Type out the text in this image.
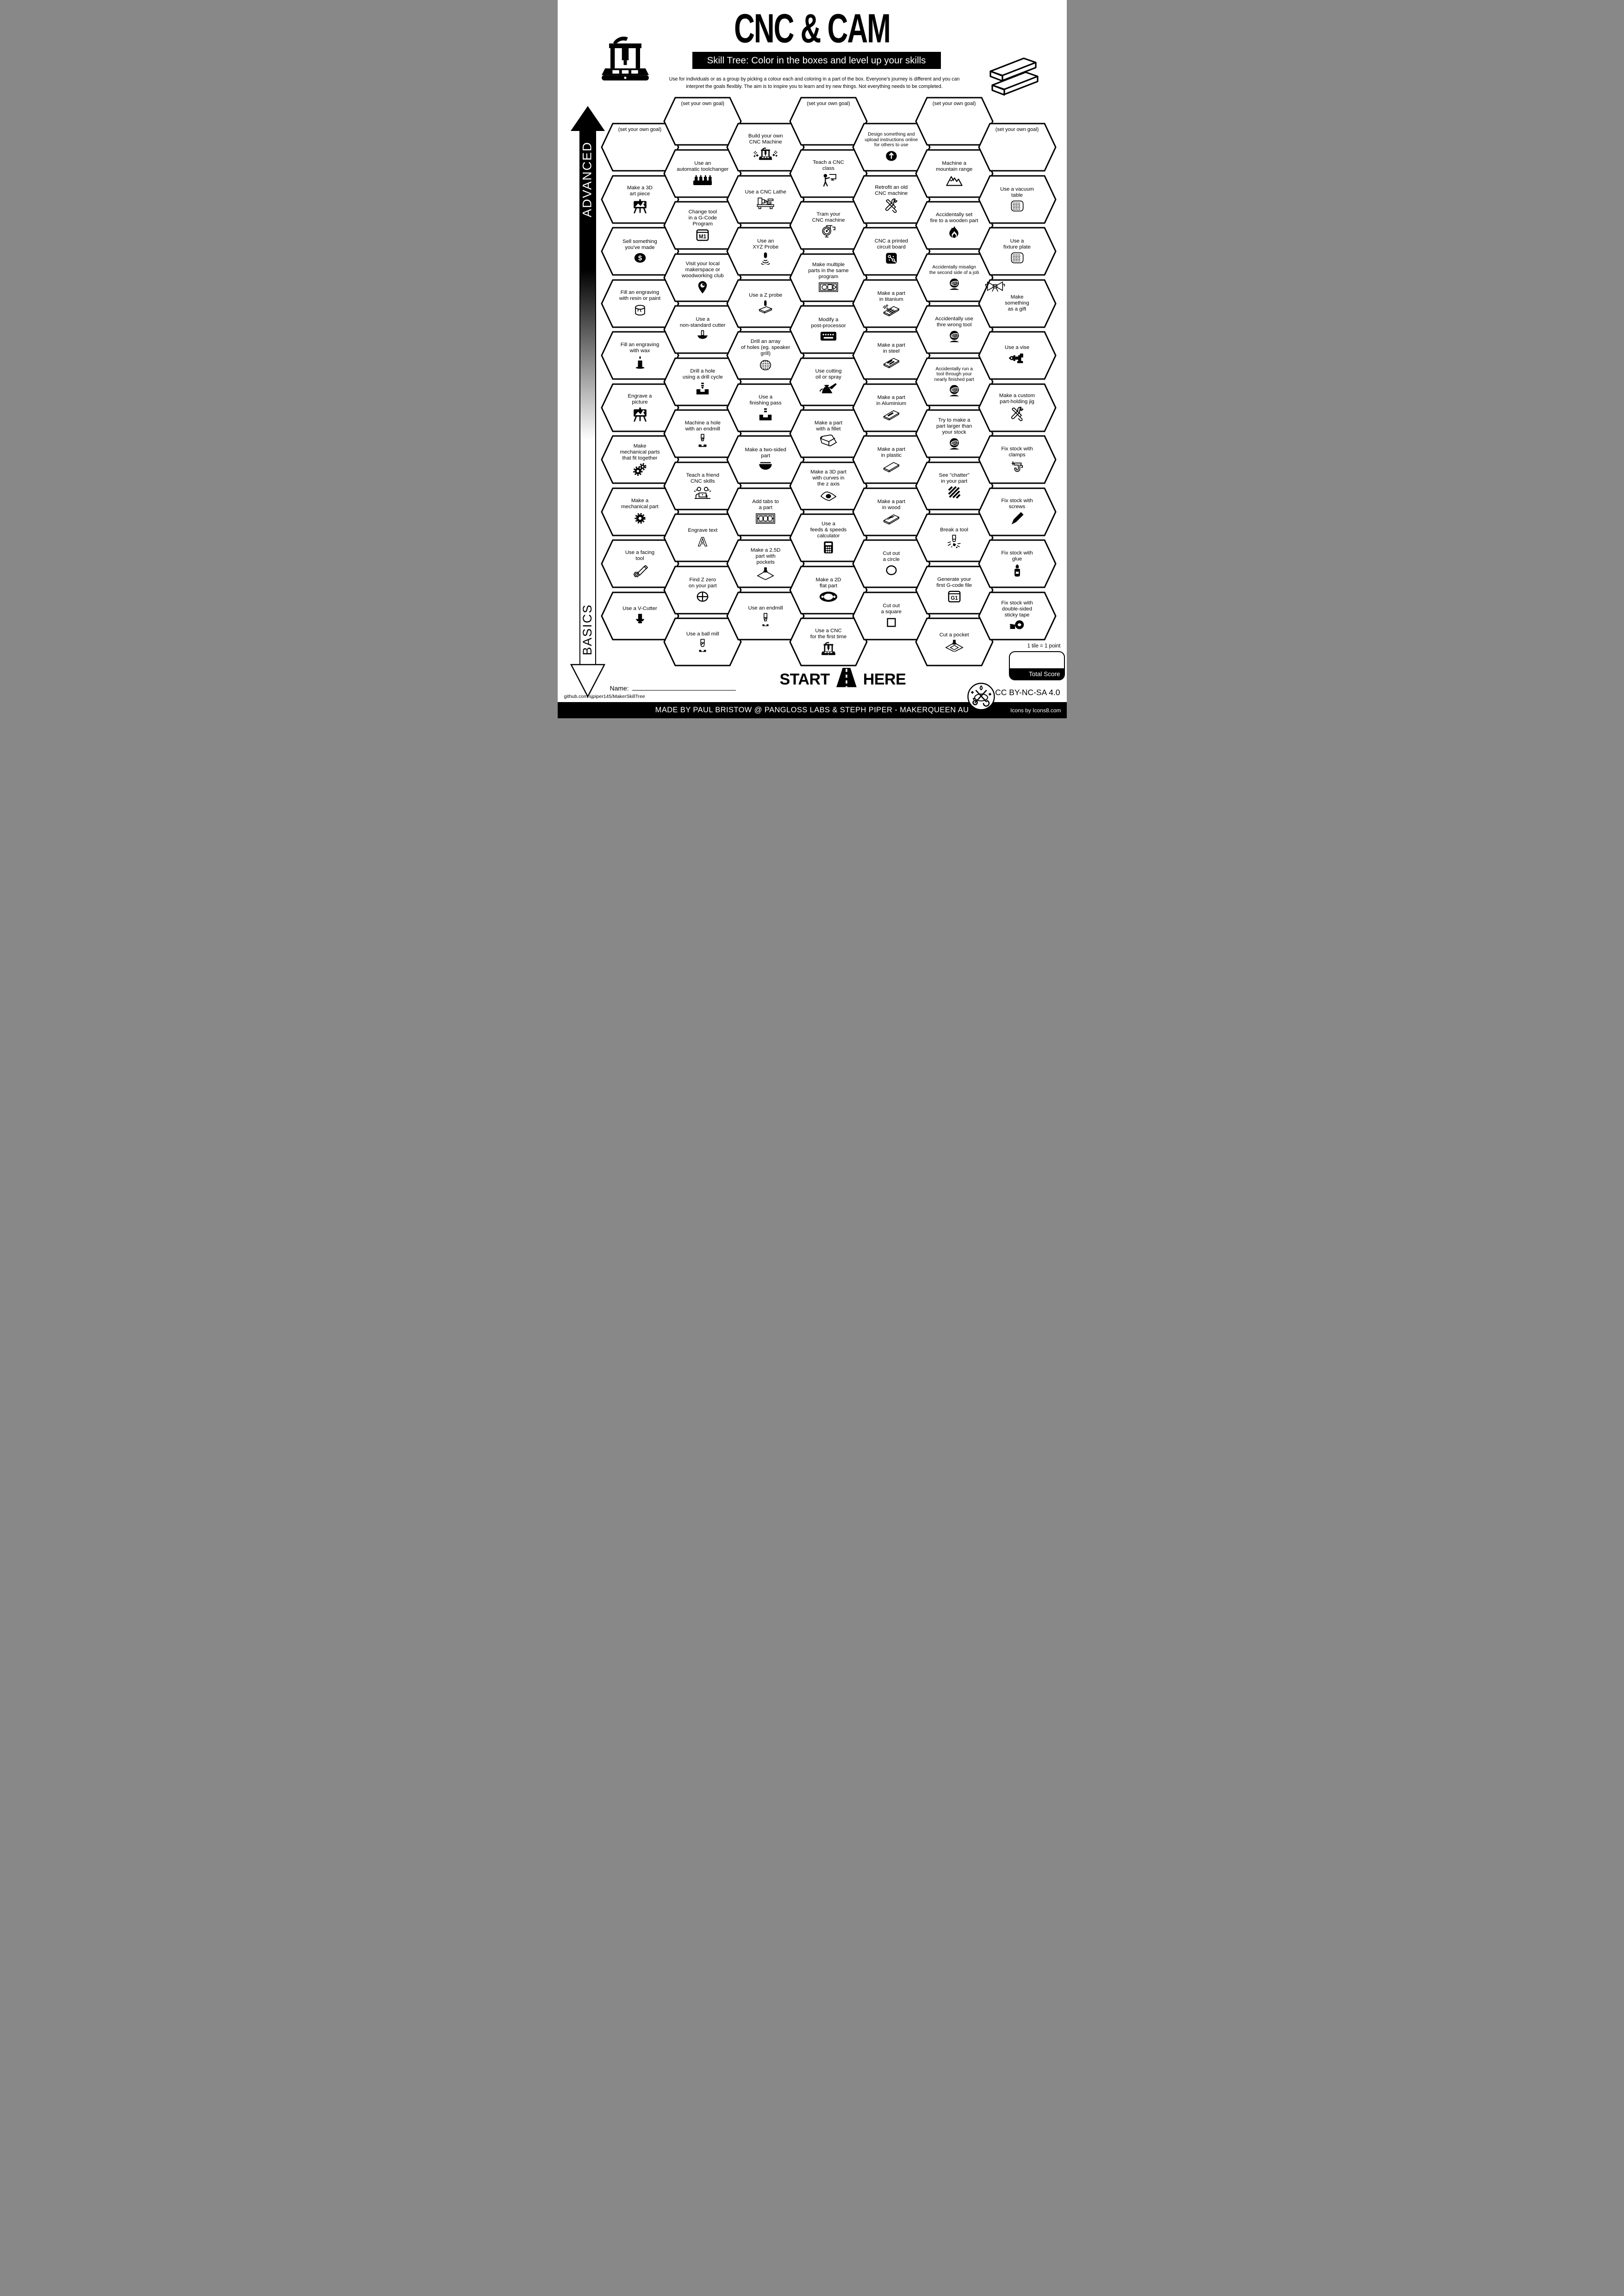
CNC & CAM
Skill Tree: Color in the boxes and level up your skills
Use for individuals or as a group by picking a colour each and coloring in a part of the box. Everyone's journey is different and you can
interpret the goals flexibly. The aim is to inspire you to learn and try new things. Not everything needs to be completed.
ADVANCED
BASICS
(set your own goal)
Make a 3D
art piece
Sell something
you've made
$
Fill an engraving
with resin or paint
Fill an engraving
with wax
Engrave a
picture
Make
mechanical parts
that fit together
Make a
mechanical part
Use a facing
tool
Use a V-Cutter
(set your own goal)
Use an
automatic toolchanger
Change tool
in a G-Code
Program
M1
Visit your local
makerspace or
woodworking club
Use a
non-standard cutter
Drill a hole
using a drill cycle
Machine a hole
with an endmill
Teach a friend
CNC skills
Engrave text
A
Find Z zero
on your part
Use a ball mill
Build your own
CNC Machine
Use a CNC Lathe
Use an
XYZ Probe
Use a Z probe
Drill an array
of holes (eg. speaker
grill)
Use a
finishing pass
Make a two-sided
part
Add tabs to
a part
Make a 2.5D
part with
pockets
Use an endmill
(set your own goal)
Teach a CNC
class
Tram your
CNC machine
Make multiple
parts in the same
program
Modify a
post-processor
Use cutting
oil or spray
Make a part
with a fillet
Make a 3D part
with curves in
the z axis
Use a
feeds & speeds
calculator
Make a 2D
flat part
Use a CNC
for the first time
Design something and
upload instructions online
for others to use
Retrofit an old
CNC machine
CNC a printed
circuit board
Make a part
in titanium
Make a part
in steel
Make a part
in Aluminium
Make a part
in plastic
Make a part
in wood
Cut out
a circle
Cut out
a square
(set your own goal)
Machine a
mountain range
Accidentally set
fire to a wooden part
Accidentally misalign
the second side of a job
Accidentally use
thre wrong tool
Accidentally run a
tool through your
nearly finished part
Try to make a
part larger than
your stock
See "chatter"
in your part
Break a tool
Generate your
first G-code file
G1
Cut a pocket
(set your own goal)
Use a vacuum
table
Use a
fixture plate
Make
something
as a gift
Use a vise
Make a custom
part-holding jig
Fix stock with
clamps
Fix stock with
screws
Fix stock with
glue
Fix stock with
double-sided
sticky tape
START HERE
Name:
github.com/sjpiper145/MakerSkillTree
1 tile = 1 point
Total Score
CC BY-NC-SA 4.0
MADE BY PAUL BRISTOW @ PANGLOSS LABS & STEPH PIPER - MAKERQUEEN AU	Icons by Icons8.com
